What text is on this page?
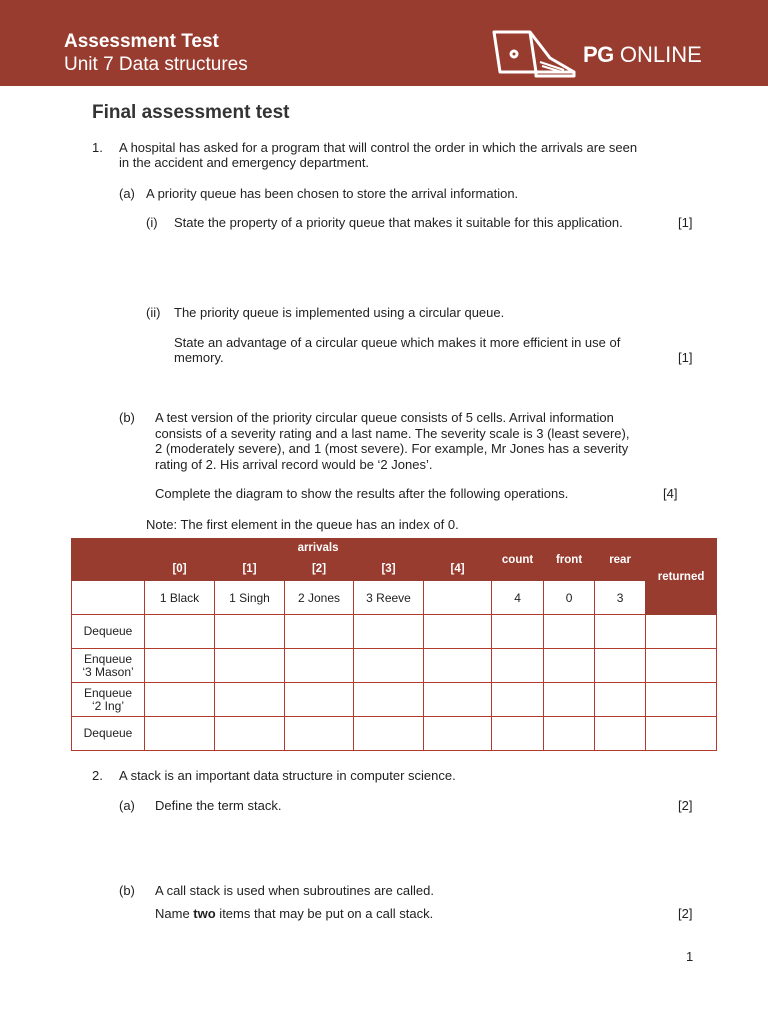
Assessment Test
Unit 7 Data structures	PG ONLINE
Final assessment test
1. A hospital has asked for a program that will control the order in which the arrivals are seen
in the accident and emergency department.
(a) A priority queue has been chosen to store the arrival information.
(i) State the property of a priority queue that makes it suitable for this application.	[1]
(ii) The priority queue is implemented using a circular queue.
State an advantage of a circular queue which makes it more efficient in use of
memory.	[1]
(b) A test version of the priority circular queue consists of 5 cells. Arrival information
consists of a severity rating and a last name. The severity scale is 3 (least severe),
2 (moderately severe), and 1 (most severe). For example, Mr Jones has a severity
rating of 2. His arrival record would be ‘2 Jones’.
Complete the diagram to show the results after the following operations.	[4]
Note: The first element in the queue has an index of 0.
	arrivals					count	front	rear	returned
	[0]	[1]	[2]	[3]	[4]				
	1 Black	1 Singh	2 Jones	3 Reeve		4	0	3	
Dequeue									
Enqueue
‘3 Mason’									
Enqueue
‘2 Ing’									
Dequeue									
2. A stack is an important data structure in computer science.
(a) Define the term stack.	[2]
(b) A call stack is used when subroutines are called.
Name two items that may be put on a call stack.	[2]
1
